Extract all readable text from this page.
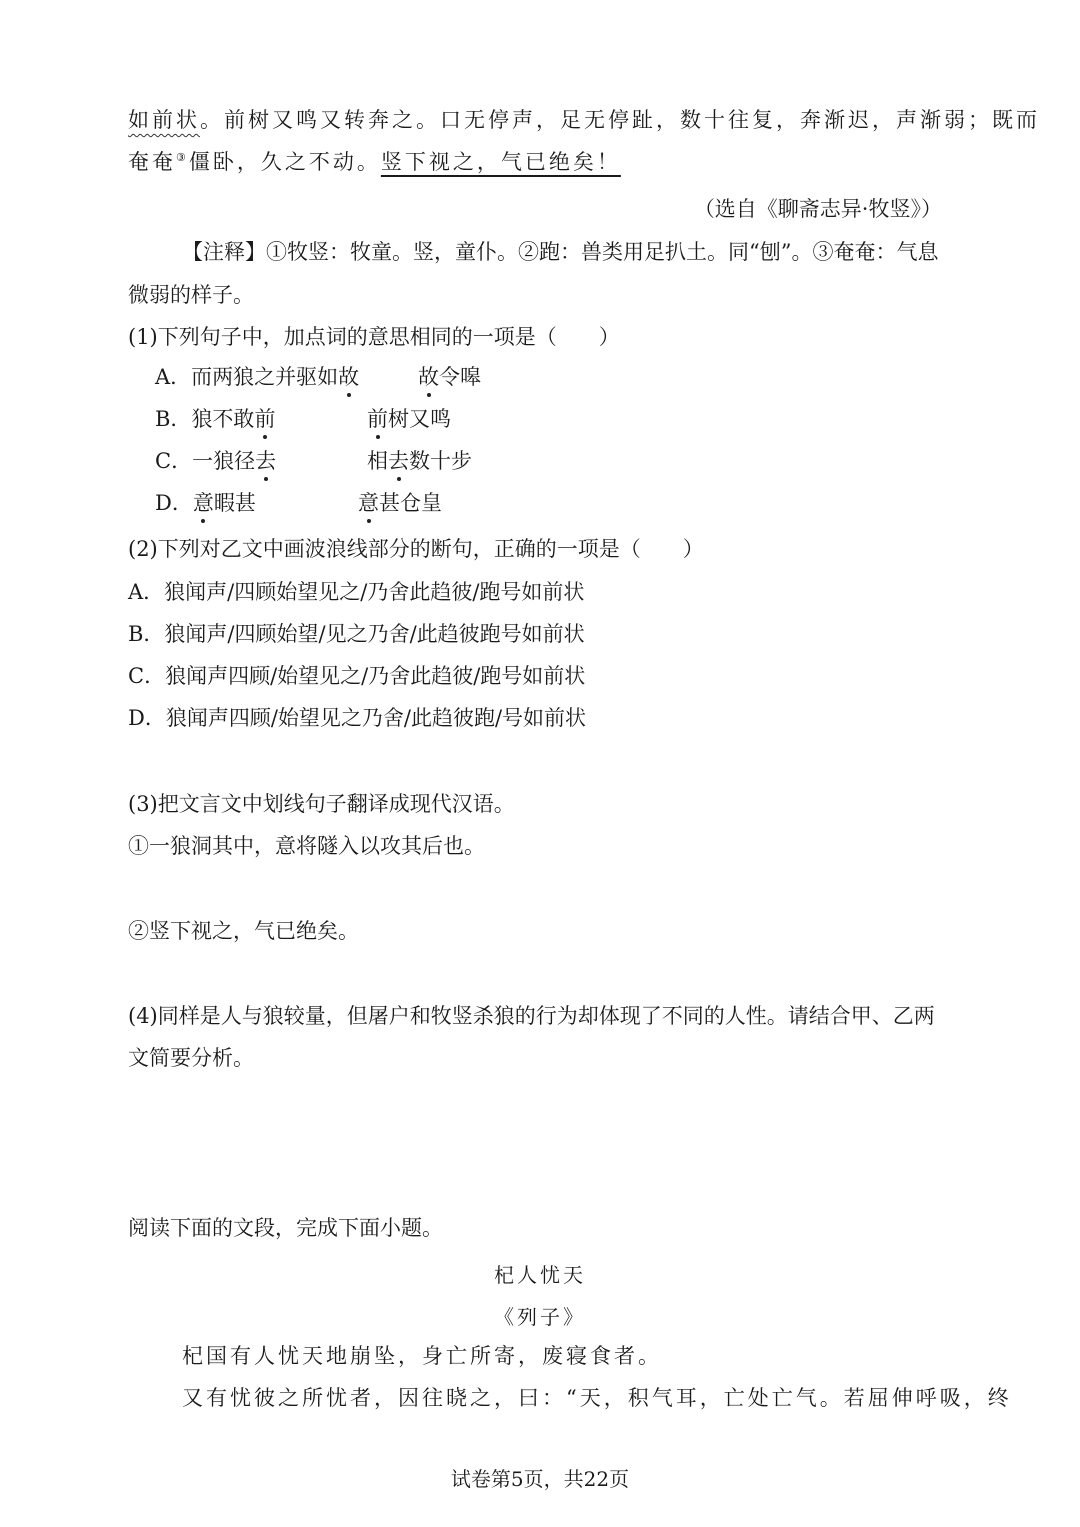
如前状。前树又鸣又转奔之。口无停声，足无停趾，数十往复，奔渐迟，声渐弱；既而
奄奄③僵卧，久之不动。竖下视之，气已绝矣！
（选自《聊斋志异·牧竖》）
【注释】①牧竖：牧童。竖，童仆。②跑：兽类用足扒土。同“刨”。③奄奄：气息
微弱的样子。
(1)下列句子中，加点词的意思相同的一项是（　　）
A．而两狼之并驱如故	故令嗥
B．狼不敢前	前树又鸣
C．一狼径去	相去数十步
D．意暇甚	意甚仓皇
(2)下列对乙文中画波浪线部分的断句，正确的一项是（　　）
A．狼闻声/四顾始望见之/乃舍此趋彼/跑号如前状
B．狼闻声/四顾始望/见之乃舍/此趋彼跑号如前状
C．狼闻声四顾/始望见之/乃舍此趋彼/跑号如前状
D．狼闻声四顾/始望见之乃舍/此趋彼跑/号如前状
(3)把文言文中划线句子翻译成现代汉语。
①一狼洞其中，意将隧入以攻其后也。
②竖下视之，气已绝矣。
(4)同样是人与狼较量，但屠户和牧竖杀狼的行为却体现了不同的人性。请结合甲、乙两
文简要分析。
阅读下面的文段，完成下面小题。
杞人忧天
《列子》
杞国有人忧天地崩坠，身亡所寄，废寝食者。
又有忧彼之所忧者，因往晓之，曰：“天，积气耳，亡处亡气。若屈伸呼吸，终
试卷第5页，共22页
